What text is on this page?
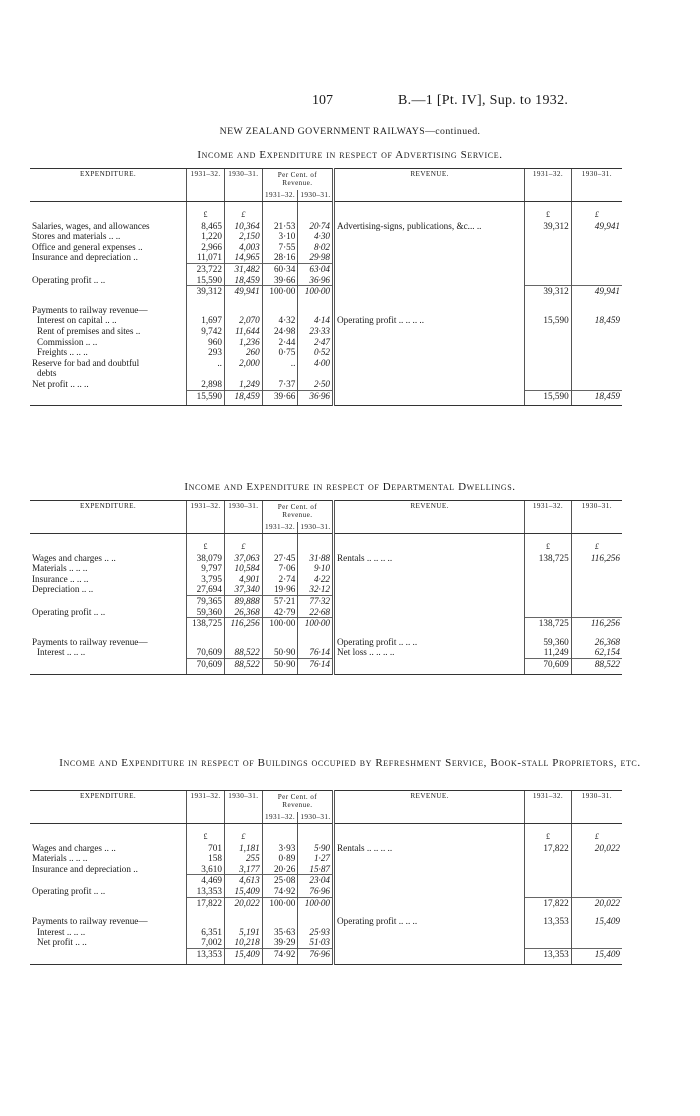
107	B.—1 [Pt. IV], Sup. to 1932.
NEW ZEALAND GOVERNMENT RAILWAYS—continued.
Income and Expenditure in respect of Advertising Service.
EXPENDITURE.	1931–32.	1930–31.	Per Cent. of Revenue.		REVENUE.	1931–32.	1930–31.
			1931–32.	1930–31.			

	£	£				£	£
Salaries, wages, and allowances	8,465	10,364	21·53	20·74	Advertising-signs, publications, &c... ..	39,312	49,941
Stores and materials .. ..	1,220	2,150	3·10	4·30			
Office and general expenses ..	2,966	4,003	7·55	8·02			
Insurance and depreciation ..	11,071	14,965	28·16	29·98			
	23,722	31,482	60·34	63·04			
Operating profit .. ..	15,590	18,459	39·66	36·96			
	39,312	49,941	100·00	100·00		39,312	49,941

Payments to railway revenue—							
Interest on capital .. ..	1,697	2,070	4·32	4·14	Operating profit .. .. .. ..	15,590	18,459
Rent of premises and sites ..	9,742	11,644	24·98	23·33			
Commission .. ..	960	1,236	2·44	2·47			
Freights .. .. ..	293	260	0·75	0·52			
Reserve for bad and doubtful	..	2,000	..	4·00			
debts							
Net profit .. .. ..	2,898	1,249	7·37	2·50			
	15,590	18,459	39·66	36·96		15,590	18,459

Income and Expenditure in respect of Departmental Dwellings.
EXPENDITURE.	1931–32.	1930–31.	Per Cent. of Revenue.		REVENUE.	1931–32.	1930–31.
			1931–32.	1930–31.			

	£	£				£	£
Wages and charges .. ..	38,079	37,063	27·45	31·88	Rentals .. .. .. ..	138,725	116,256
Materials .. .. ..	9,797	10,584	7·06	9·10			
Insurance .. .. ..	3,795	4,901	2·74	4·22			
Depreciation .. ..	27,694	37,340	19·96	32·12			
	79,365	89,888	57·21	77·32			
Operating profit .. ..	59,360	26,368	42·79	22·68			
	138,725	116,256	100·00	100·00		138,725	116,256

Payments to railway revenue—					Operating profit .. .. ..	59,360	26,368
Interest .. .. ..	70,609	88,522	50·90	76·14	Net loss .. .. .. ..	11,249	62,154
	70,609	88,522	50·90	76·14		70,609	88,522

Income and Expenditure in respect of Buildings occupied by Refreshment Service, Book-stall Proprietors, etc.
EXPENDITURE.	1931–32.	1930–31.	Per Cent. of Revenue.		REVENUE.	1931–32.	1930–31.
			1931–32.	1930–31.			

	£	£				£	£
Wages and charges .. ..	701	1,181	3·93	5·90	Rentals .. .. .. ..	17,822	20,022
Materials .. .. ..	158	255	0·89	1·27			
Insurance and depreciation ..	3,610	3,177	20·26	15·87			
	4,469	4,613	25·08	23·04			
Operating profit .. ..	13,353	15,409	74·92	76·96			
	17,822	20,022	100·00	100·00		17,822	20,022

Payments to railway revenue—					Operating profit .. .. ..	13,353	15,409
Interest .. .. ..	6,351	5,191	35·63	25·93			
Net profit .. ..	7,002	10,218	39·29	51·03			
	13,353	15,409	74·92	76·96		13,353	15,409
